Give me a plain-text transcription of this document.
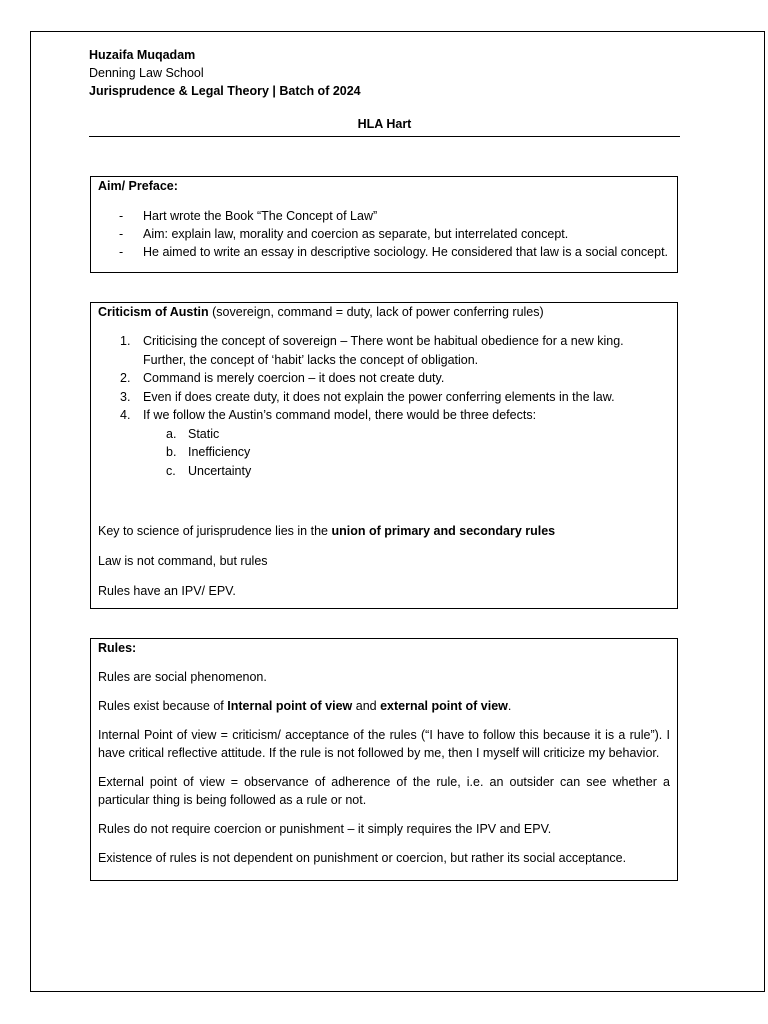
Huzaifa Muqadam
Denning Law School
Jurisprudence & Legal Theory | Batch of 2024
HLA Hart
Aim/ Preface:
- Hart wrote the Book “The Concept of Law”
- Aim: explain law, morality and coercion as separate, but interrelated concept.
- He aimed to write an essay in descriptive sociology. He considered that law is a social concept.
Criticism of Austin (sovereign, command = duty, lack of power conferring rules)
1. Criticising the concept of sovereign – There wont be habitual obedience for a new king. Further, the concept of ‘habit’ lacks the concept of obligation.
2. Command is merely coercion – it does not create duty.
3. Even if does create duty, it does not explain the power conferring elements in the law.
4. If we follow the Austin’s command model, there would be three defects:
a. Static
b. Inefficiency
c. Uncertainty

Key to science of jurisprudence lies in the union of primary and secondary rules

Law is not command, but rules

Rules have an IPV/ EPV.

Rules:

Rules are social phenomenon.

Rules exist because of Internal point of view and external point of view.

Internal Point of view = criticism/ acceptance of the rules (“I have to follow this because it is a rule”). I have critical reflective attitude. If the rule is not followed by me, then I myself will criticize my behavior.

External point of view = observance of adherence of the rule, i.e. an outsider can see whether a particular thing is being followed as a rule or not.

Rules do not require coercion or punishment – it simply requires the IPV and EPV.

Existence of rules is not dependent on punishment or coercion, but rather its social acceptance.
